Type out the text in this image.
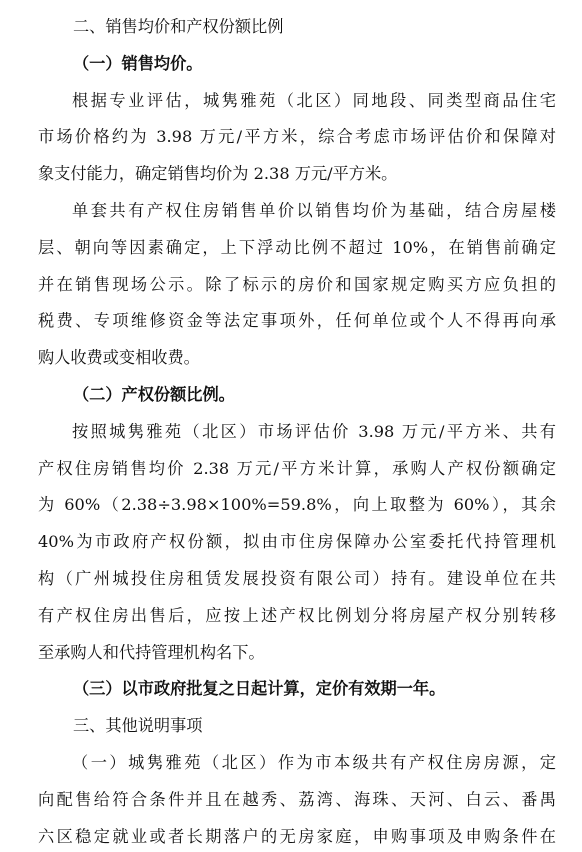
二、销售均价和产权份额比例
（一）销售均价。
根据专业评估，城隽雅苑（北区）同地段、同类型商品住宅
市场价格约为 3.98 万元/平方米，综合考虑市场评估价和保障对
象支付能力，确定销售均价为 2.38 万元/平方米。
单套共有产权住房销售单价以销售均价为基础，结合房屋楼
层、朝向等因素确定，上下浮动比例不超过 10%，在销售前确定
并在销售现场公示。除了标示的房价和国家规定购买方应负担的
税费、专项维修资金等法定事项外，任何单位或个人不得再向承
购人收费或变相收费。
（二）产权份额比例。
按照城隽雅苑（北区）市场评估价 3.98 万元/平方米、共有
产权住房销售均价 2.38 万元/平方米计算，承购人产权份额确定
为 60%（2.38÷3.98×100%=59.8%，向上取整为 60%），其余
40%为市政府产权份额，拟由市住房保障办公室委托代持管理机
构（广州城投住房租赁发展投资有限公司）持有。建设单位在共
有产权住房出售后，应按上述产权比例划分将房屋产权分别转移
至承购人和代持管理机构名下。
（三）以市政府批复之日起计算，定价有效期一年。
三、其他说明事项
（一）城隽雅苑（北区）作为市本级共有产权住房房源，定
向配售给符合条件并且在越秀、荔湾、海珠、天河、白云、番禺
六区稳定就业或者长期落户的无房家庭，申购事项及申购条件在
